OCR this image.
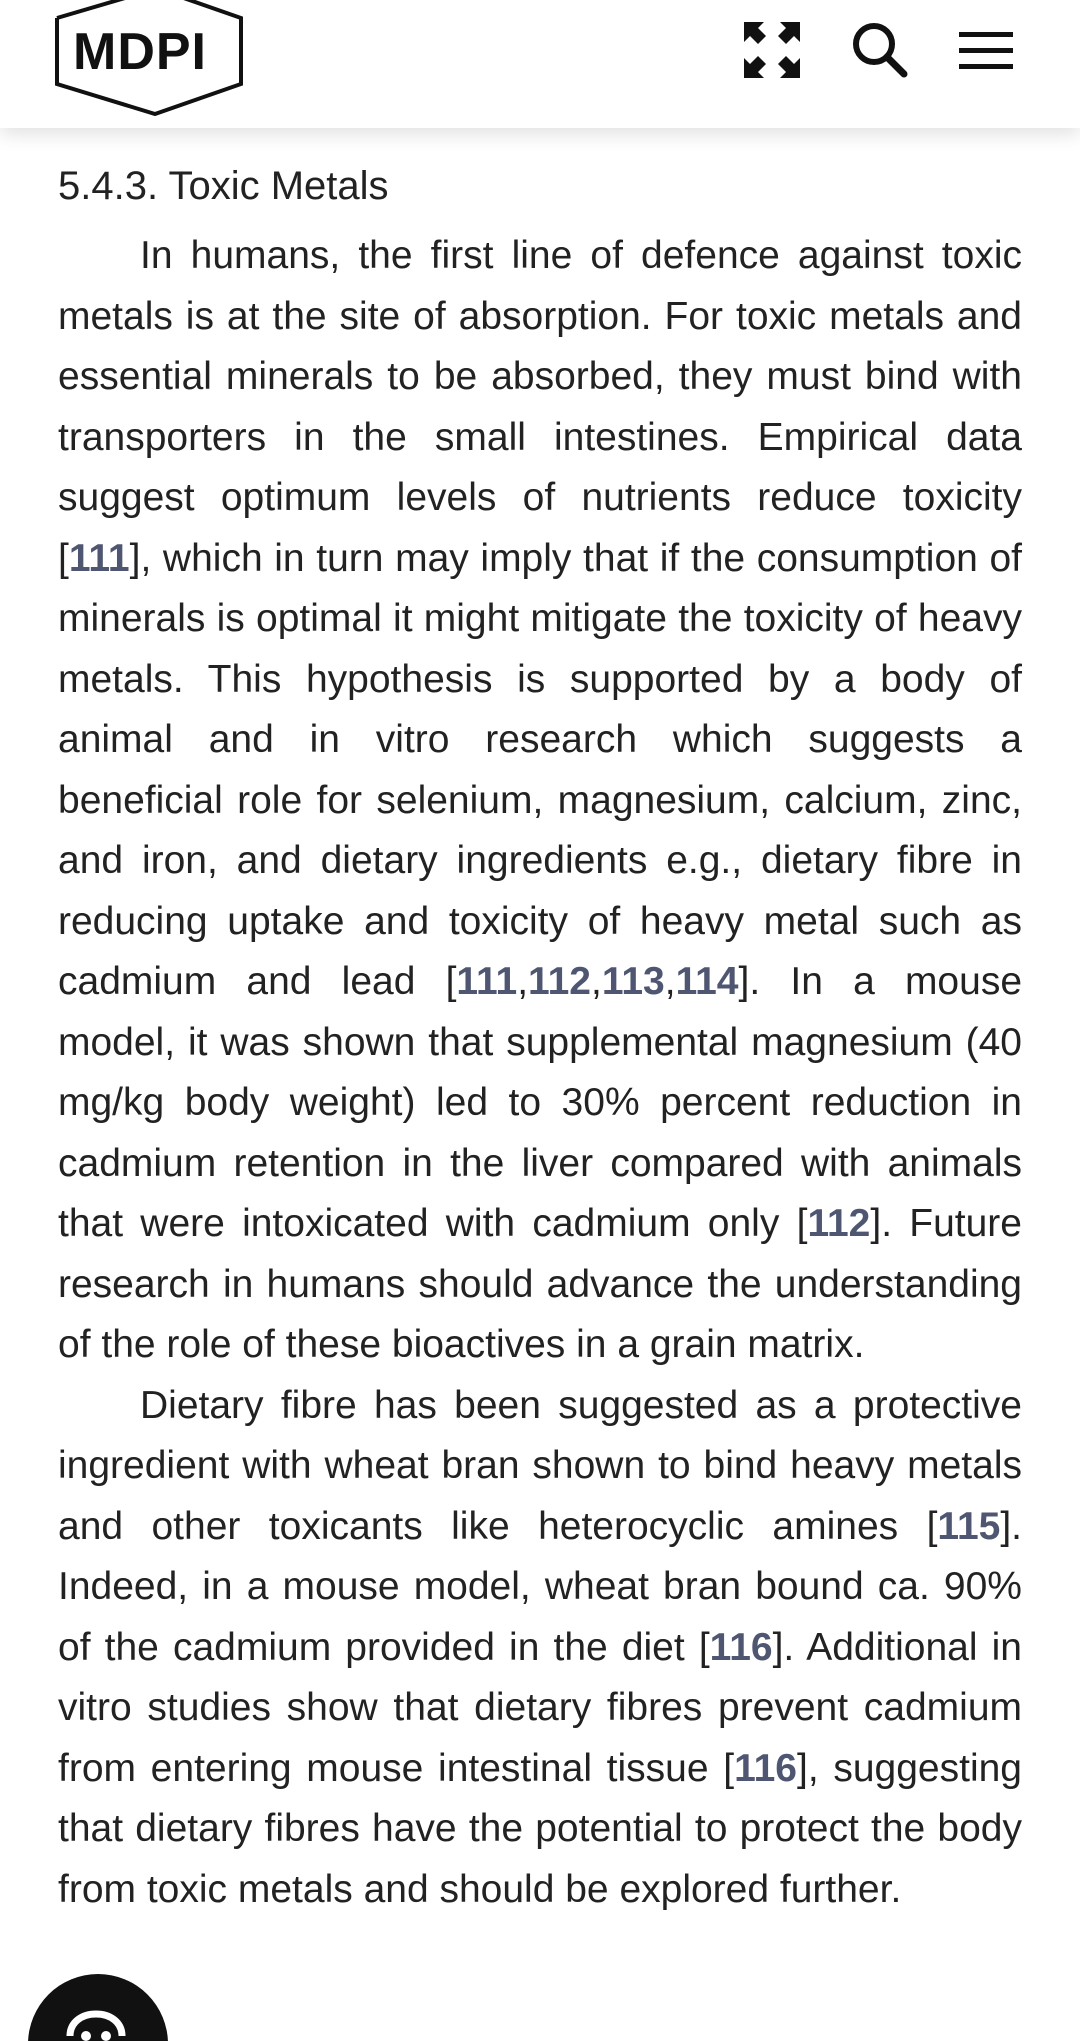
MDPI
5.4.3. Toxic Metals

In humans, the first line of defence against toxic metals is at the site of absorption. For toxic metals and essential minerals to be absorbed, they must bind with transporters in the small intestines. Empirical data suggest optimum levels of nutrients reduce toxicity [111], which in turn may imply that if the consumption of minerals is optimal it might mitigate the toxicity of heavy metals. This hypothesis is supported by a body of animal and in vitro research which suggests a beneficial role for selenium, magnesium, calcium, zinc, and iron, and dietary ingredients e.g., dietary fibre in reducing uptake and toxicity of heavy metal such as cadmium and lead [111,112,113,114]. In a mouse model, it was shown that supplemental magnesium (40 mg/kg body weight) led to 30% percent reduction in cadmium retention in the liver compared with animals that were intoxicated with cadmium only [112]. Future research in humans should advance the understanding of the role of these bioactives in a grain matrix.

Dietary fibre has been suggested as a protective ingredient with wheat bran shown to bind heavy metals and other toxicants like heterocyclic amines [115]. Indeed, in a mouse model, wheat bran bound ca. 90% of the cadmium provided in the diet [116]. Additional in vitro studies show that dietary fibres prevent cadmium from entering mouse intestinal tissue [116], suggesting that dietary fibres have the potential to protect the body from toxic metals and should be explored further.
